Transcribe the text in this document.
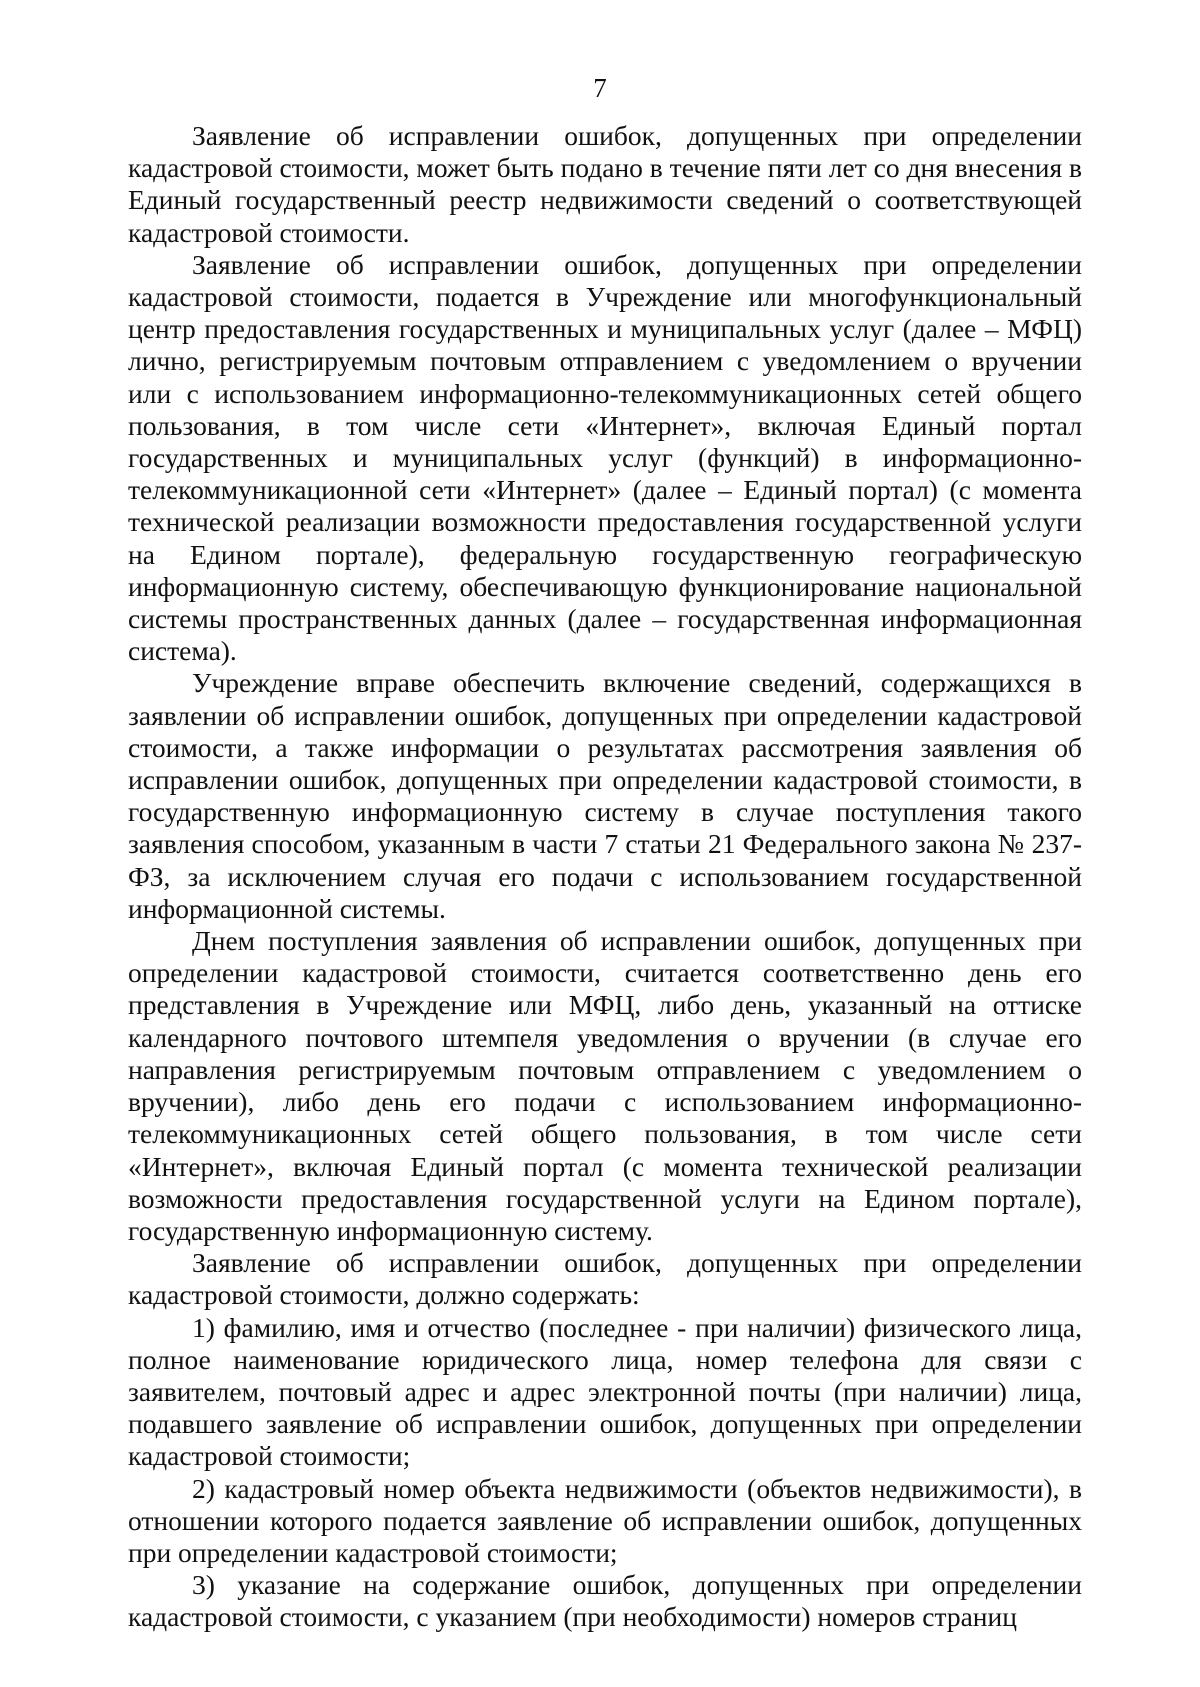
7

Заявление об исправлении ошибок, допущенных при определении кадастровой стоимости, может быть подано в течение пяти лет со дня внесения в Единый государственный реестр недвижимости сведений о соответствующей кадастровой стоимости.

Заявление об исправлении ошибок, допущенных при определении кадастровой стоимости, подается в Учреждение или многофункциональный центр предоставления государственных и муниципальных услуг (далее – МФЦ) лично, регистрируемым почтовым отправлением с уведомлением о вручении или с использованием информационно-телекоммуникационных сетей общего пользования, в том числе сети «Интернет», включая Единый портал государственных и муниципальных услуг (функций) в информационно-телекоммуникационной сети «Интернет» (далее – Единый портал) (с момента технической реализации возможности предоставления государственной услуги на Едином портале), федеральную государственную географическую информационную систему, обеспечивающую функционирование национальной системы пространственных данных (далее – государственная информационная система).

Учреждение вправе обеспечить включение сведений, содержащихся в заявлении об исправлении ошибок, допущенных при определении кадастровой стоимости, а также информации о результатах рассмотрения заявления об исправлении ошибок, допущенных при определении кадастровой стоимости, в государственную информационную систему в случае поступления такого заявления способом, указанным в части 7 статьи 21 Федерального закона № 237-ФЗ, за исключением случая его подачи с использованием государственной информационной системы.

Днем поступления заявления об исправлении ошибок, допущенных при определении кадастровой стоимости, считается соответственно день его представления в Учреждение или МФЦ, либо день, указанный на оттиске календарного почтового штемпеля уведомления о вручении (в случае его направления регистрируемым почтовым отправлением с уведомлением о вручении), либо день его подачи с использованием информационно-телекоммуникационных сетей общего пользования, в том числе сети «Интернет», включая Единый портал (с момента технической реализации возможности предоставления государственной услуги на Едином портале), государственную информационную систему.

Заявление об исправлении ошибок, допущенных при определении кадастровой стоимости, должно содержать:

1) фамилию, имя и отчество (последнее - при наличии) физического лица, полное наименование юридического лица, номер телефона для связи с заявителем, почтовый адрес и адрес электронной почты (при наличии) лица, подавшего заявление об исправлении ошибок, допущенных при определении кадастровой стоимости;

2) кадастровый номер объекта недвижимости (объектов недвижимости), в отношении которого подается заявление об исправлении ошибок, допущенных при определении кадастровой стоимости;

3) указание на содержание ошибок, допущенных при определении кадастровой стоимости, с указанием (при необходимости) номеров страниц
